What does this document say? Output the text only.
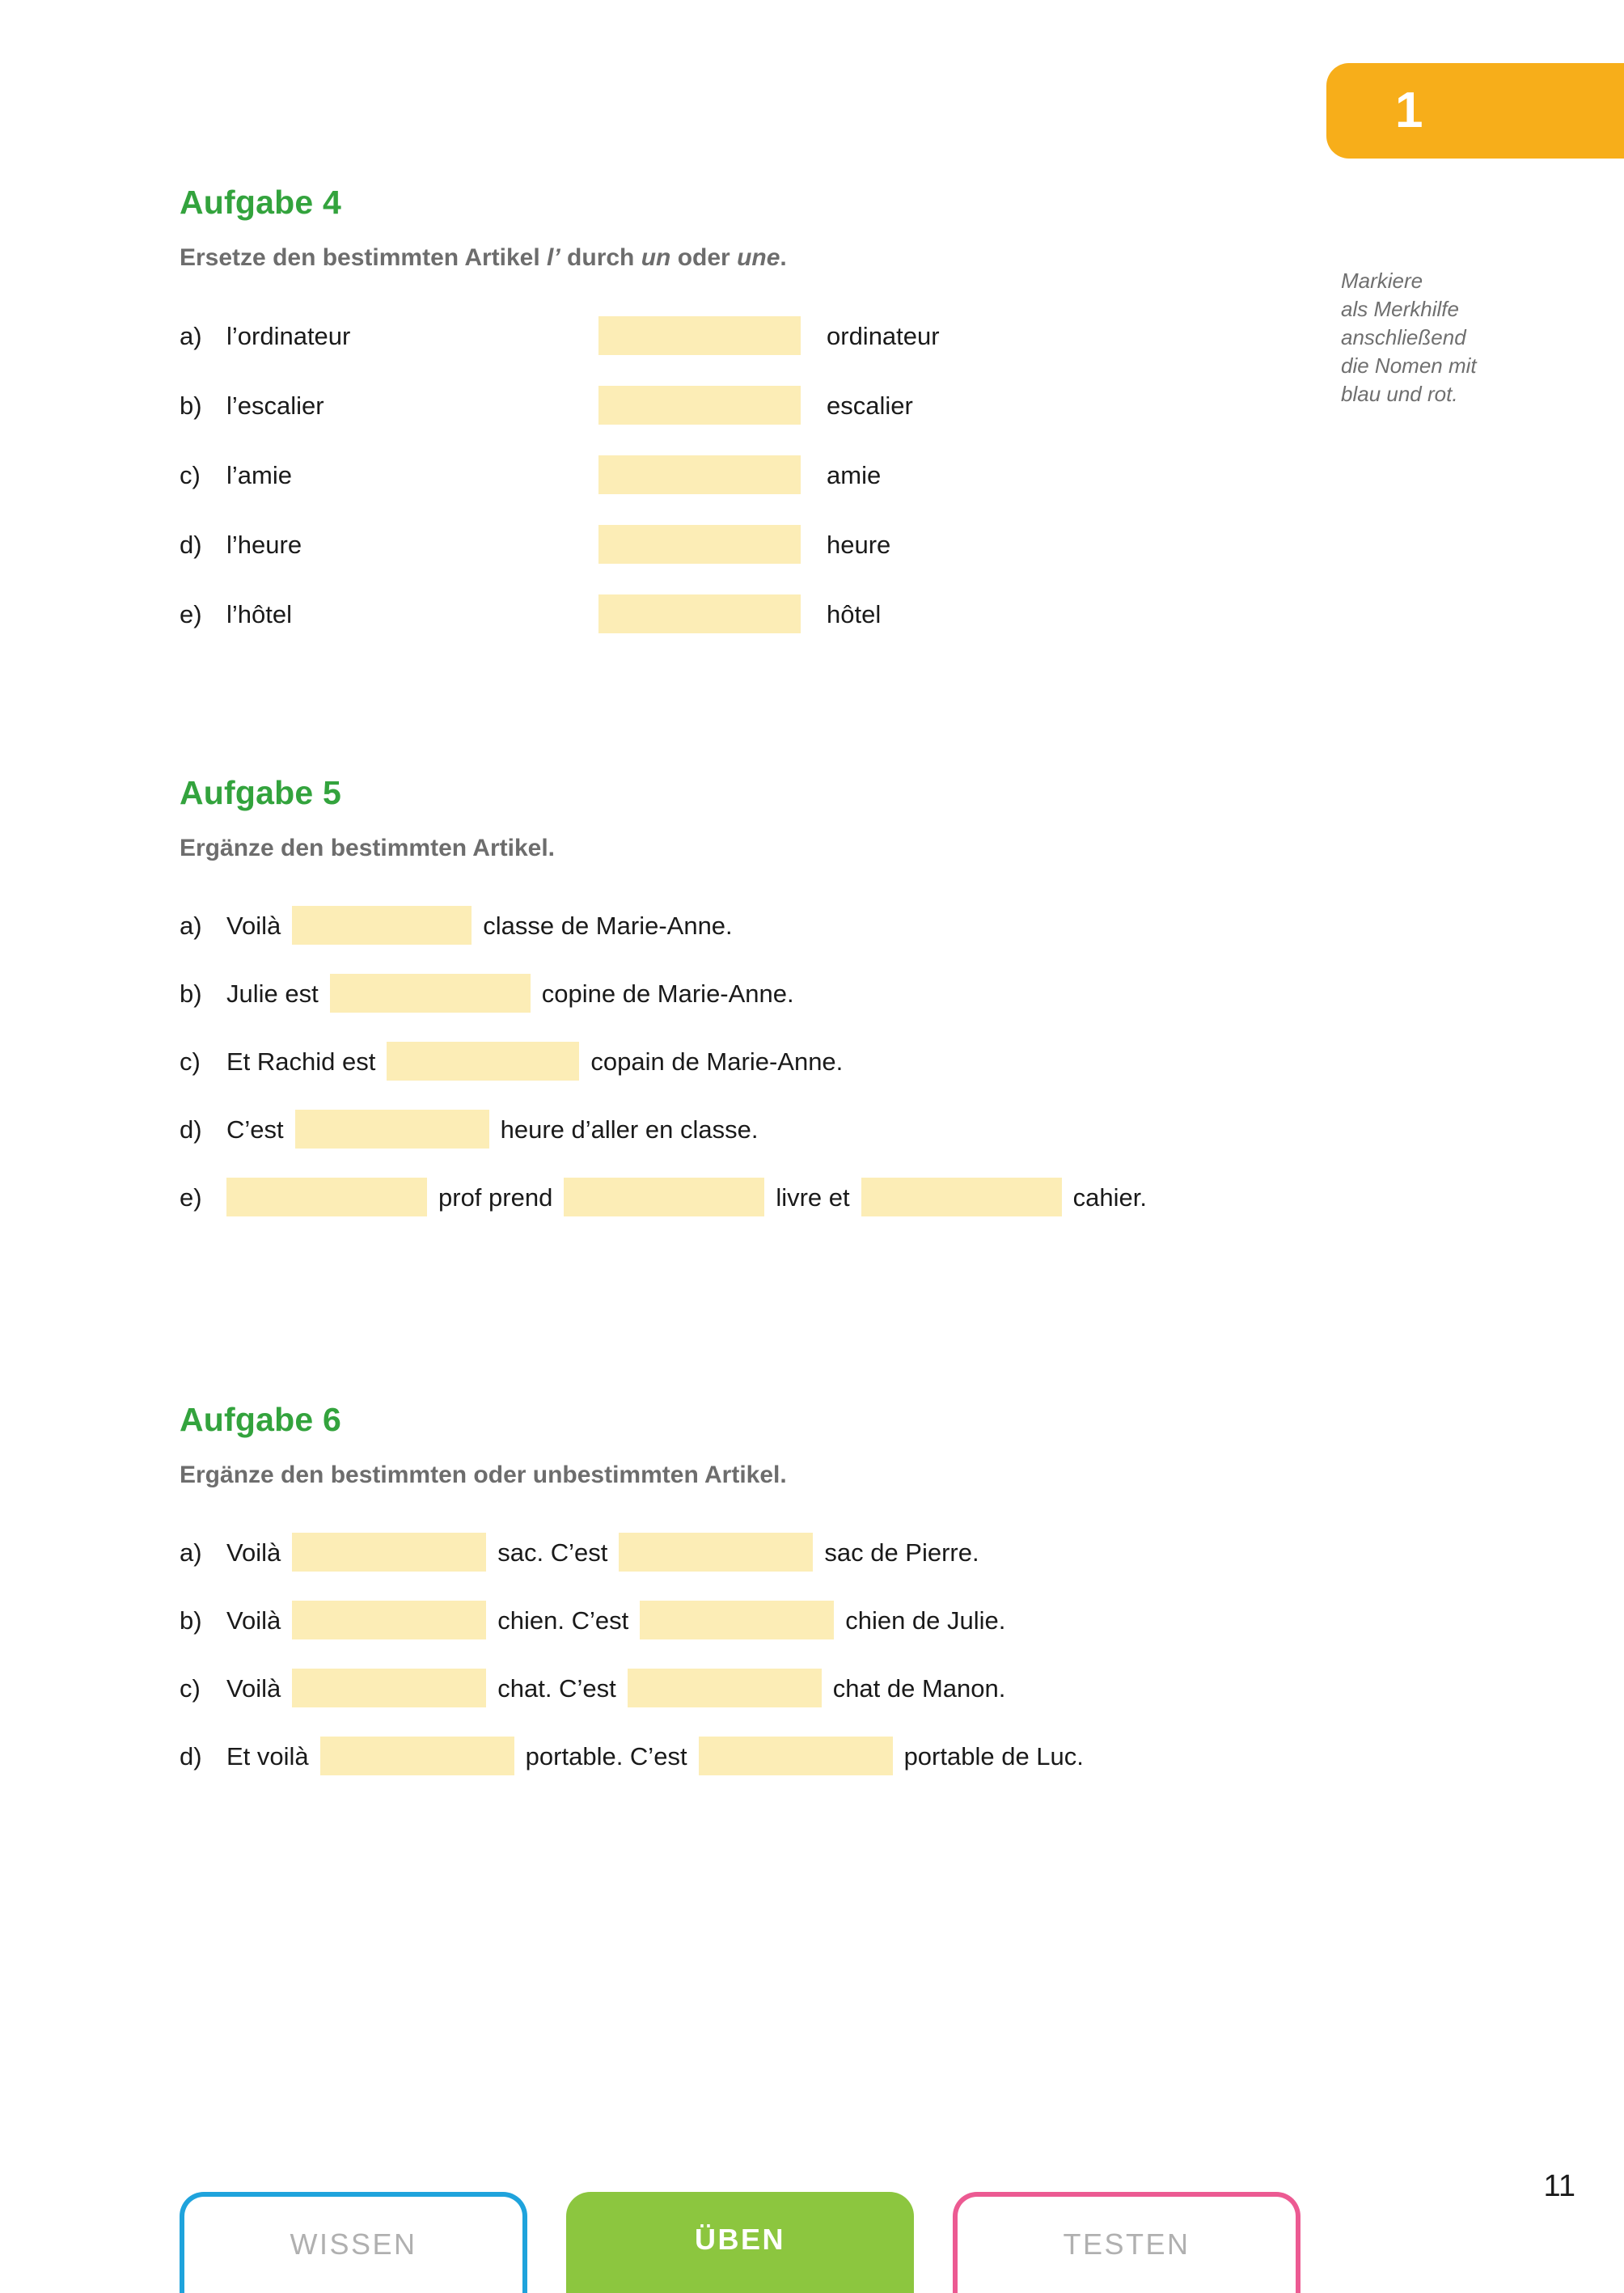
1
Markiere
als Merkhilfe
anschließend
die Nomen mit
blau und rot.
Aufgabe 4
Ersetze den bestimmten Artikel l’ durch un oder une.
a) l’ordinateur	ordinateur
b) l’escalier	escalier
c)	l’amie	amie
d) l’heure	heure
e) l’hôtel	hôtel
Aufgabe 5
Ergänze den bestimmten Artikel.
a) Voilà	classe de Marie-Anne.
b) Julie est	copine de Marie-Anne.
c)	Et Rachid est	copain de Marie-Anne.
d) C’est	heure d’aller en classe.
e)	prof prend	livre et	cahier.
Aufgabe 6
Ergänze den bestimmten oder unbestimmten Artikel.
a) Voilà	sac. C’est	sac de Pierre.
b) Voilà	chien. C’est	chien de Julie.
c)	Voilà	chat. C’est	chat de Manon.
d) Et voilà	portable. C’est	portable de Luc.
WISSEN	ÜBEN	TESTEN
11
